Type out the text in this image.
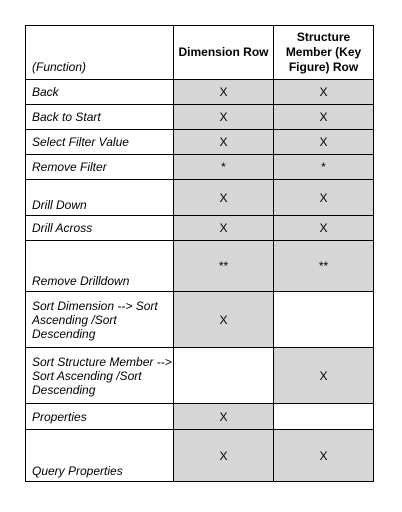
(Function)	Dimension Row	Structure Member (Key Figure) Row
Back	X	X
Back to Start	X	X
Select Filter Value	X	X
Remove Filter	*	*
Drill Down	X	X
Drill Across	X	X
Remove Drilldown	**	**
Sort Dimension --> Sort Ascending /Sort Descending	X	
Sort Structure Member --> Sort Ascending /Sort Descending		X
Properties	X	
Query Properties	X	X
